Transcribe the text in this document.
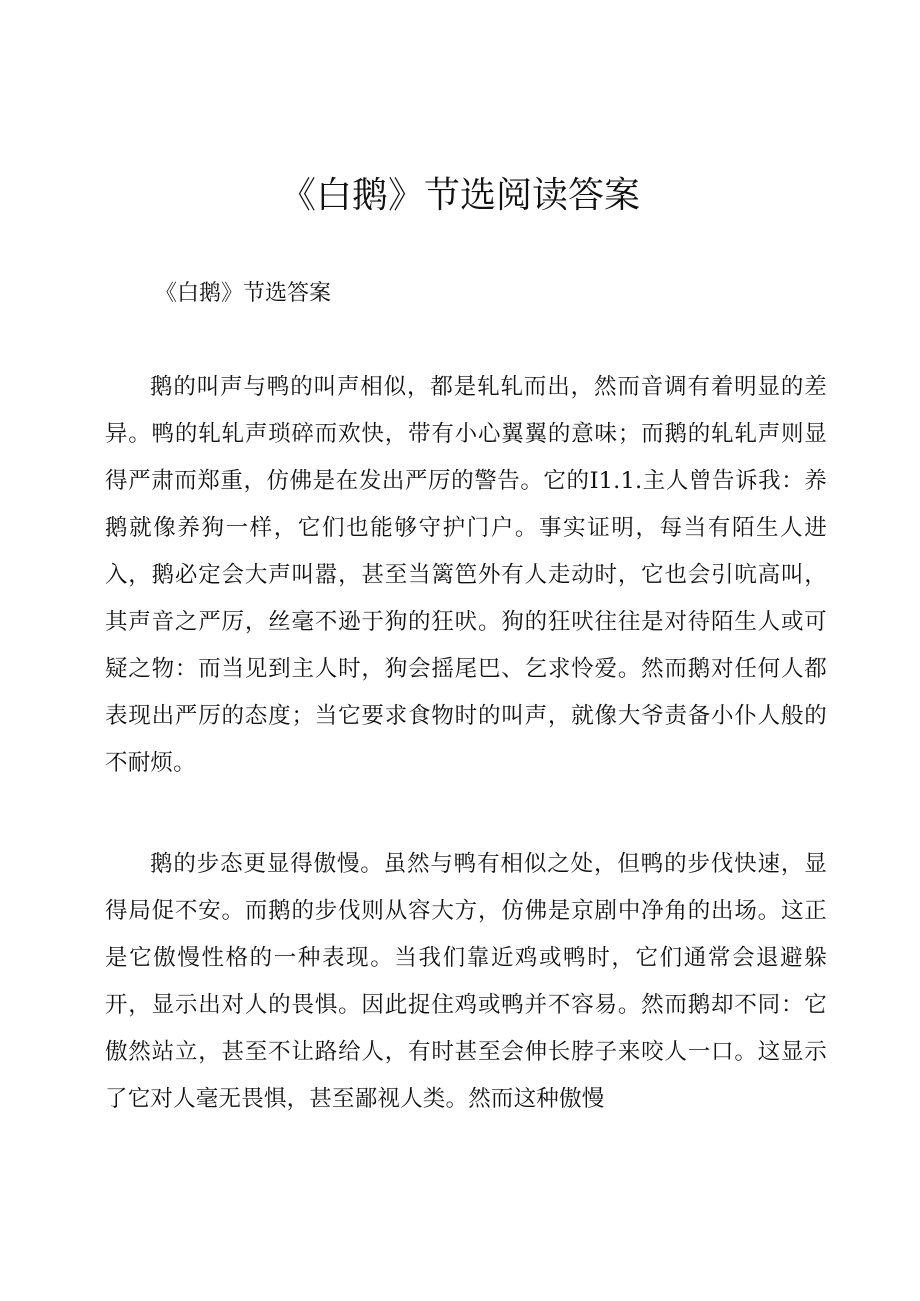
《白鹅》节选阅读答案

《白鹅》节选答案

鹅的叫声与鸭的叫声相似，都是轧轧而出，然而音调有着明显的差异。鸭的轧轧声琐碎而欢快，带有小心翼翼的意味；而鹅的轧轧声则显得严肃而郑重，仿佛是在发出严厉的警告。它的I1.1.主人曾告诉我：养鹅就像养狗一样，它们也能够守护门户。事实证明，每当有陌生人进入，鹅必定会大声叫嚣，甚至当篱笆外有人走动时，它也会引吭高叫，其声音之严厉，丝毫不逊于狗的狂吠。狗的狂吠往往是对待陌生人或可疑之物：而当见到主人时，狗会摇尾巴、乞求怜爱。然而鹅对任何人都表现出严厉的态度；当它要求食物时的叫声，就像大爷责备小仆人般的不耐烦。

鹅的步态更显得傲慢。虽然与鸭有相似之处，但鸭的步伐快速，显得局促不安。而鹅的步伐则从容大方，仿佛是京剧中净角的出场。这正是它傲慢性格的一种表现。当我们靠近鸡或鸭时，它们通常会退避躲开，显示出对人的畏惧。因此捉住鸡或鸭并不容易。然而鹅却不同：它傲然站立，甚至不让路给人，有时甚至会伸长脖子来咬人一口。这显示了它对人毫无畏惧，甚至鄙视人类。然而这种傲慢
